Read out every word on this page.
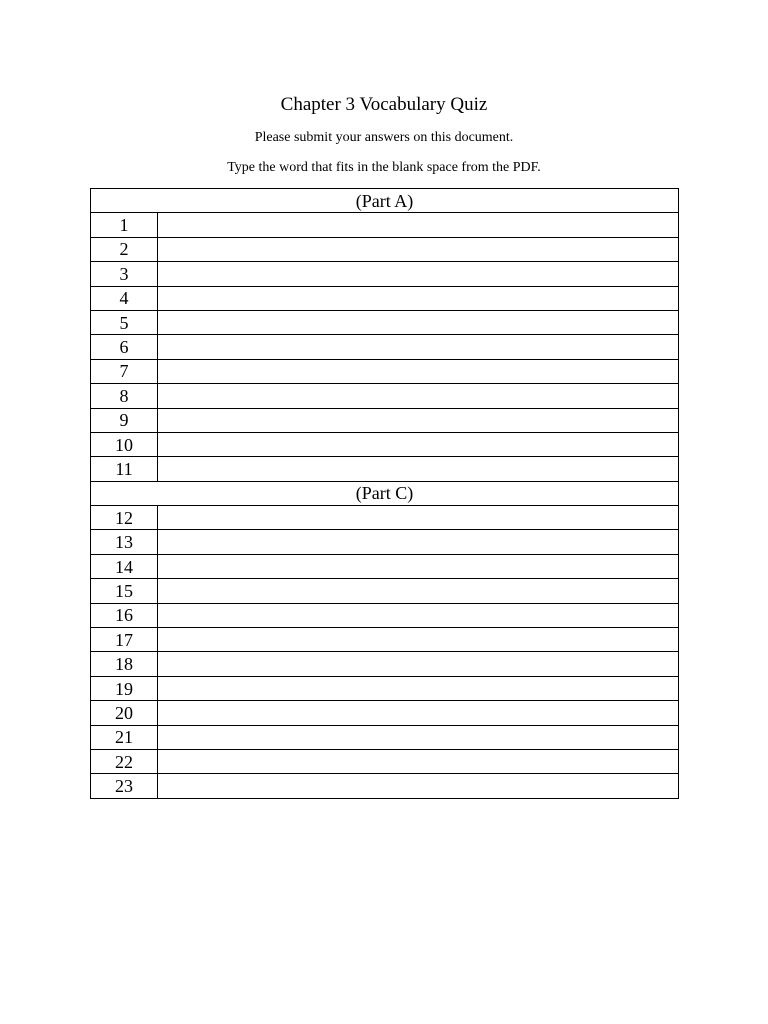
Chapter 3 Vocabulary Quiz
Please submit your answers on this document.
Type the word that fits in the blank space from the PDF.
(Part A)	
1	
2	
3	
4	
5	
6	
7	
8	
9	
10	
11	
(Part C)	
12	
13	
14	
15	
16	
17	
18	
19	
20	
21	
22	
23	
